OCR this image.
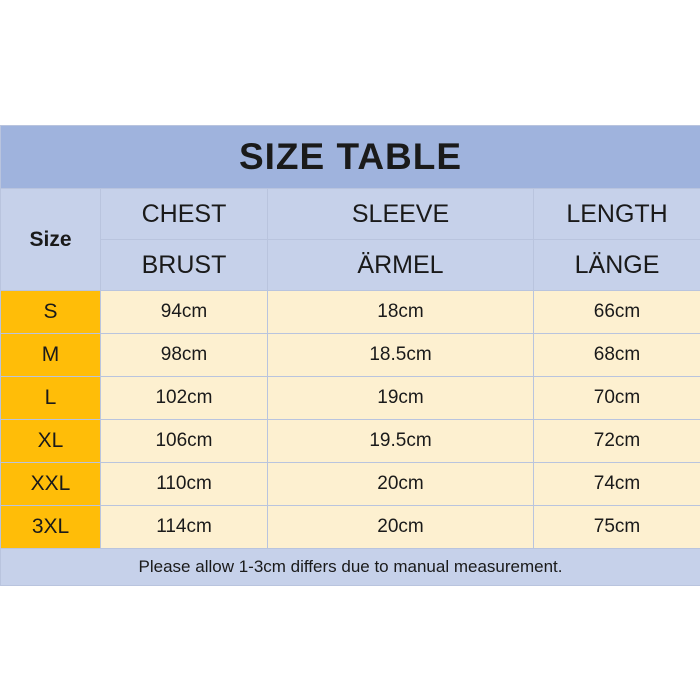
SIZE TABLE			
Size	CHEST	SLEEVE	LENGTH
	BRUST	ÄRMEL	LÄNGE
S	94cm	18cm	66cm
M	98cm	18.5cm	68cm
L	102cm	19cm	70cm
XL	106cm	19.5cm	72cm
XXL	110cm	20cm	74cm
3XL	114cm	20cm	75cm
Please allow 1-3cm differs due to manual measurement.			
